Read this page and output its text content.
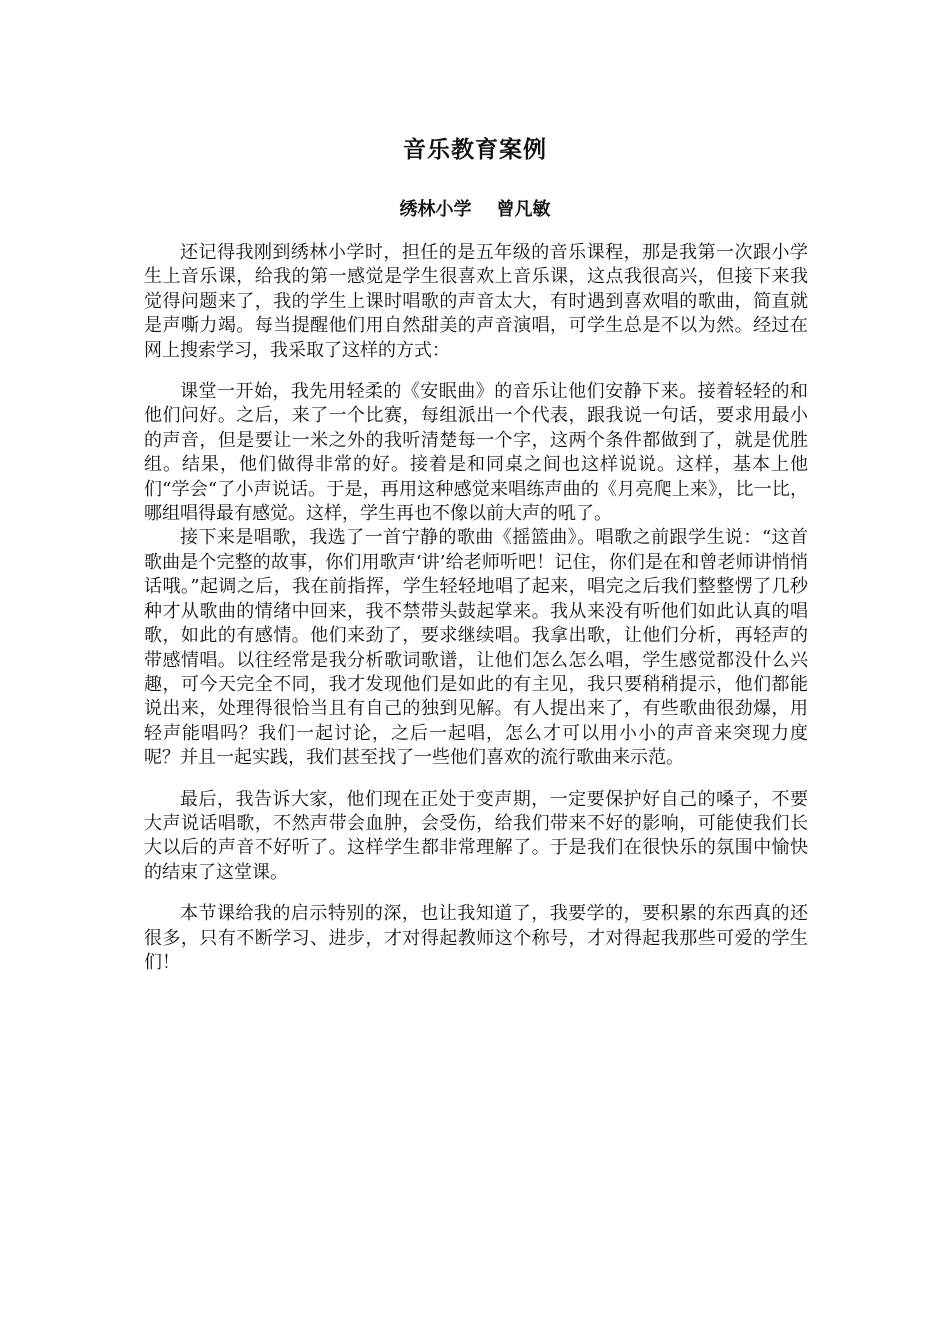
音乐教育案例
绣林小学    曾凡敏

还记得我刚到绣林小学时，担任的是五年级的音乐课程，那是我第一次跟小学生上音乐课，给我的第一感觉是学生很喜欢上音乐课，这点我很高兴，但接下来我觉得问题来了，我的学生上课时唱歌的声音太大，有时遇到喜欢唱的歌曲，简直就是声嘶力竭。每当提醒他们用自然甜美的声音演唱，可学生总是不以为然。经过在网上搜索学习，我采取了这样的方式：

课堂一开始，我先用轻柔的《安眠曲》的音乐让他们安静下来。接着轻轻的和他们问好。之后，来了一个比赛，每组派出一个代表，跟我说一句话，要求用最小的声音，但是要让一米之外的我听清楚每一个字，这两个条件都做到了，就是优胜组。结果，他们做得非常的好。接着是和同桌之间也这样说说。这样，基本上他们“学会“了小声说话。于是，再用这种感觉来唱练声曲的《月亮爬上来》，比一比，哪组唱得最有感觉。这样，学生再也不像以前大声的吼了。

接下来是唱歌，我选了一首宁静的歌曲《摇篮曲》。唱歌之前跟学生说：“这首歌曲是个完整的故事，你们用歌声‘讲’给老师听吧！记住，你们是在和曾老师讲悄悄话哦。”起调之后，我在前指挥，学生轻轻地唱了起来，唱完之后我们整整愣了几秒种才从歌曲的情绪中回来，我不禁带头鼓起掌来。我从来没有听他们如此认真的唱歌，如此的有感情。他们来劲了，要求继续唱。我拿出歌，让他们分析，再轻声的带感情唱。以往经常是我分析歌词歌谱，让他们怎么怎么唱，学生感觉都没什么兴趣，可今天完全不同，我才发现他们是如此的有主见，我只要稍稍提示，他们都能说出来，处理得很恰当且有自己的独到见解。有人提出来了，有些歌曲很劲爆，用轻声能唱吗？我们一起讨论，之后一起唱，怎么才可以用小小的声音来突现力度呢？并且一起实践，我们甚至找了一些他们喜欢的流行歌曲来示范。

最后，我告诉大家，他们现在正处于变声期，一定要保护好自己的嗓子，不要大声说话唱歌，不然声带会血肿，会受伤，给我们带来不好的影响，可能使我们长大以后的声音不好听了。这样学生都非常理解了。于是我们在很快乐的氛围中愉快的结束了这堂课。

本节课给我的启示特别的深，也让我知道了，我要学的，要积累的东西真的还很多，只有不断学习、进步，才对得起教师这个称号，才对得起我那些可爱的学生们！
